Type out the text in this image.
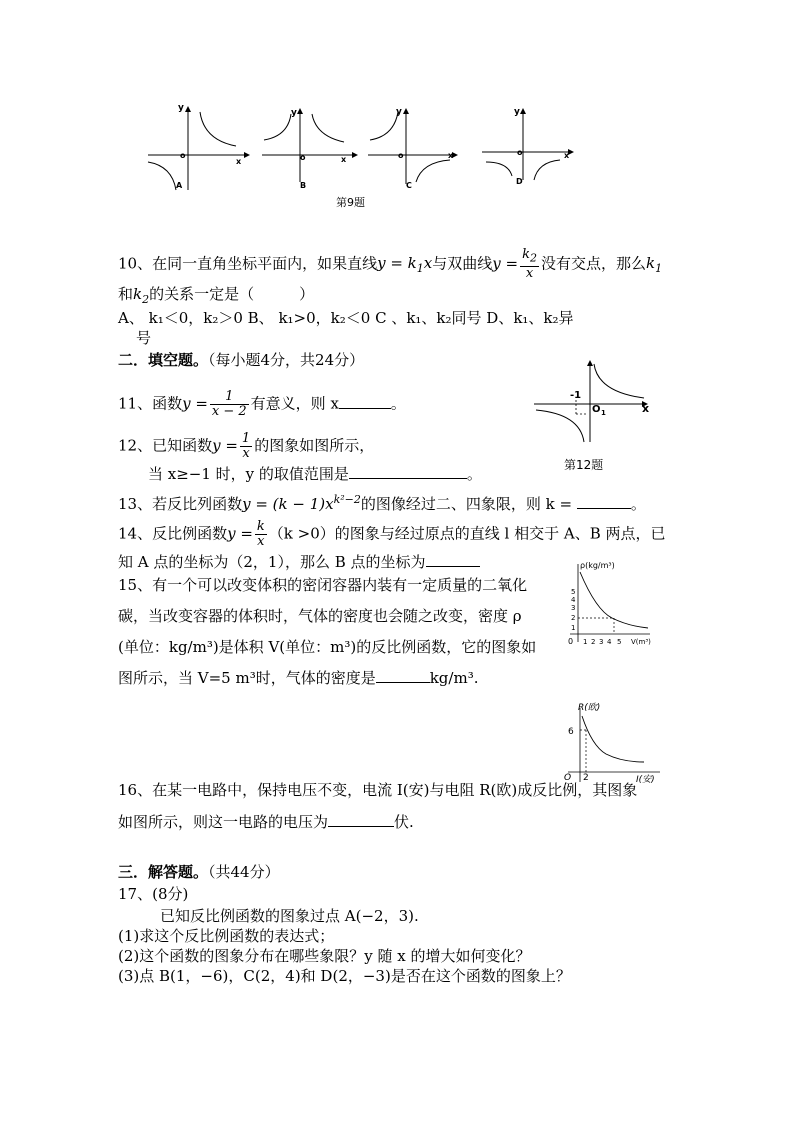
y
o
x
A
y
o	x
B
y
o	x
C
y
o	x
D
第9题
10、在同一直角坐标平面内，如果直线$y = k_1x$与双曲线$y = \frac{k_2}{x}$ 没有交点，那么$k_1$
和$k_2$的关系一定是（　　　）
A、 k₁＜0，k₂＞0 B、 k₁>0，k₂＜0 C 、k₁、k₂同号 D、k₁、k₂异
号
二．填空题。（每小题4分，共24分）
11、函数$y = \frac{1}{x - 2}$ 有意义，则 x	。
12、已知函数$y = \frac{1}{x}$ 的图象如图所示，
当 x≥−1 时，y 的取值范围是	。
-1
O 1	x
第12题
13、若反比列函数$y = (k - 1)x^{k^2-2}$的图像经过二、四象限，则 k =	。
14、反比例函数$y = \frac{k}{x} (k >0)$的图象与经过原点的直线 l 相交于 A、B 两点，已
知 A 点的坐标为（2，1），那么 B 点的坐标为
15、有一个可以改变体积的密闭容器内装有一定质量的二氧化
碳，当改变容器的体积时，气体的密度也会随之改变，密度 ρ
(单位：kg/m³)是体积 V(单位：m³)的反比例函数，它的图象如
图所示，当 V=5 m³时，气体的密度是	kg/m³.
ρ(kg/m³)
V(m³)
0
5
4
3
2
1
1 2 3 4 5
R(欧)
I(安)
O
6
2
16、在某一电路中，保持电压不变，电流 I(安)与电阻 R(欧)成反比例，其图象
如图所示，则这一电路的电压为	伏.
三．解答题。（共44分）
17、(8分)
已知反比例函数的图象过点 A(−2，3).
(1)求这个反比例函数的表达式；
(2)这个函数的图象分布在哪些象限？y 随 x 的增大如何变化？
(3)点 B(1，−6)，C(2，4)和 D(2，−3)是否在这个函数的图象上？
